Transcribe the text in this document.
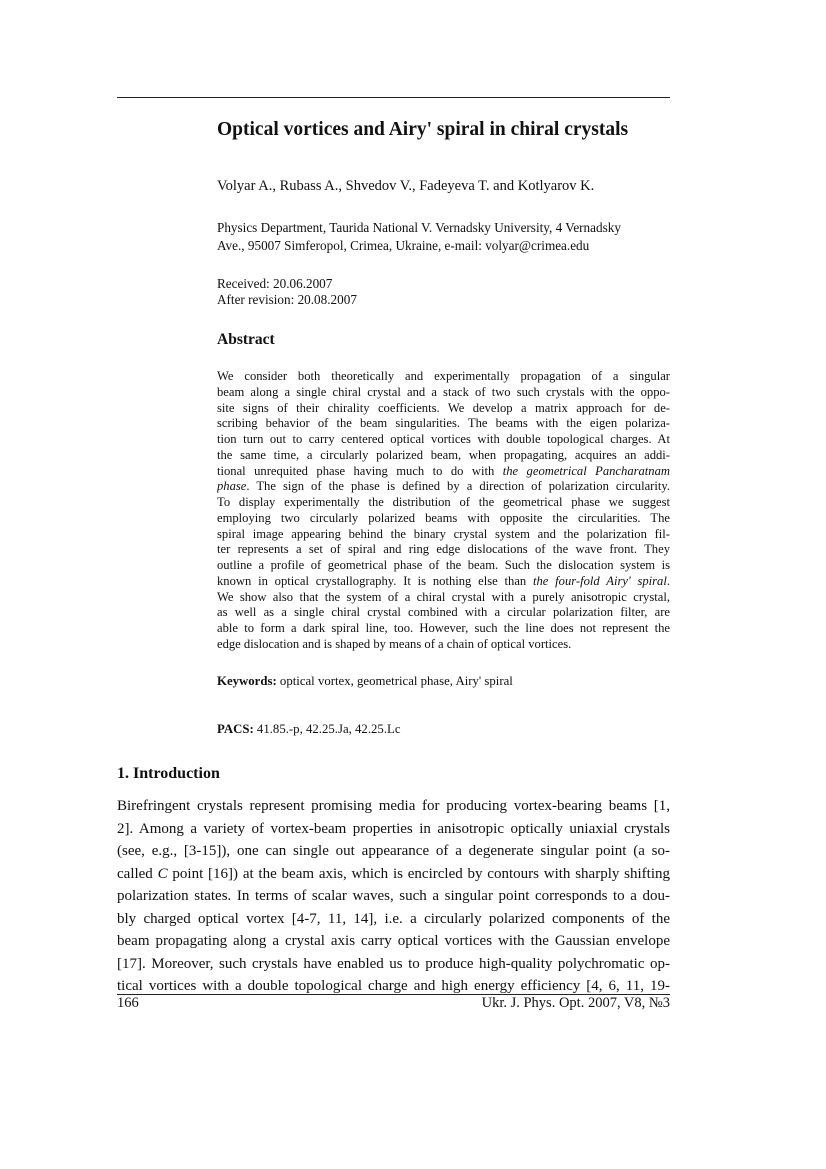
Optical vortices and Airy' spiral in chiral crystals
Volyar A., Rubass A., Shvedov V., Fadeyeva T. and Kotlyarov K.
Physics Department, Taurida National V. Vernadsky University, 4 Vernadsky
Ave., 95007 Simferopol, Crimea, Ukraine, e-mail: volyar@crimea.edu
Received: 20.06.2007
After revision: 20.08.2007
Abstract
We consider both theoretically and experimentally propagation of a singular
beam along a single chiral crystal and a stack of two such crystals with the oppo-
site signs of their chirality coefficients. We develop a matrix approach for de-
scribing behavior of the beam singularities. The beams with the eigen polariza-
tion turn out to carry centered optical vortices with double topological charges. At
the same time, a circularly polarized beam, when propagating, acquires an addi-
tional unrequited phase having much to do with the geometrical Pancharatnam
phase. The sign of the phase is defined by a direction of polarization circularity.
To display experimentally the distribution of the geometrical phase we suggest
employing two circularly polarized beams with opposite the circularities. The
spiral image appearing behind the binary crystal system and the polarization fil-
ter represents a set of spiral and ring edge dislocations of the wave front. They
outline a profile of geometrical phase of the beam. Such the dislocation system is
known in optical crystallography. It is nothing else than the four-fold Airy' spiral.
We show also that the system of a chiral crystal with a purely anisotropic crystal,
as well as a single chiral crystal combined with a circular polarization filter, are
able to form a dark spiral line, too. However, such the line does not represent the
edge dislocation and is shaped by means of a chain of optical vortices.
Keywords: optical vortex, geometrical phase, Airy' spiral
PACS: 41.85.-p, 42.25.Ja, 42.25.Lc
1. Introduction
Birefringent crystals represent promising media for producing vortex-bearing beams [1,
2]. Among a variety of vortex-beam properties in anisotropic optically uniaxial crystals
(see, e.g., [3-15]), one can single out appearance of a degenerate singular point (a so-
called C point [16]) at the beam axis, which is encircled by contours with sharply shifting
polarization states. In terms of scalar waves, such a singular point corresponds to a dou-
bly charged optical vortex [4-7, 11, 14], i.e. a circularly polarized components of the
beam propagating along a crystal axis carry optical vortices with the Gaussian envelope
[17]. Moreover, such crystals have enabled us to produce high-quality polychromatic op-
tical vortices with a double topological charge and high energy efficiency [4, 6, 11, 19-
166	Ukr. J. Phys. Opt. 2007, V8, №3
